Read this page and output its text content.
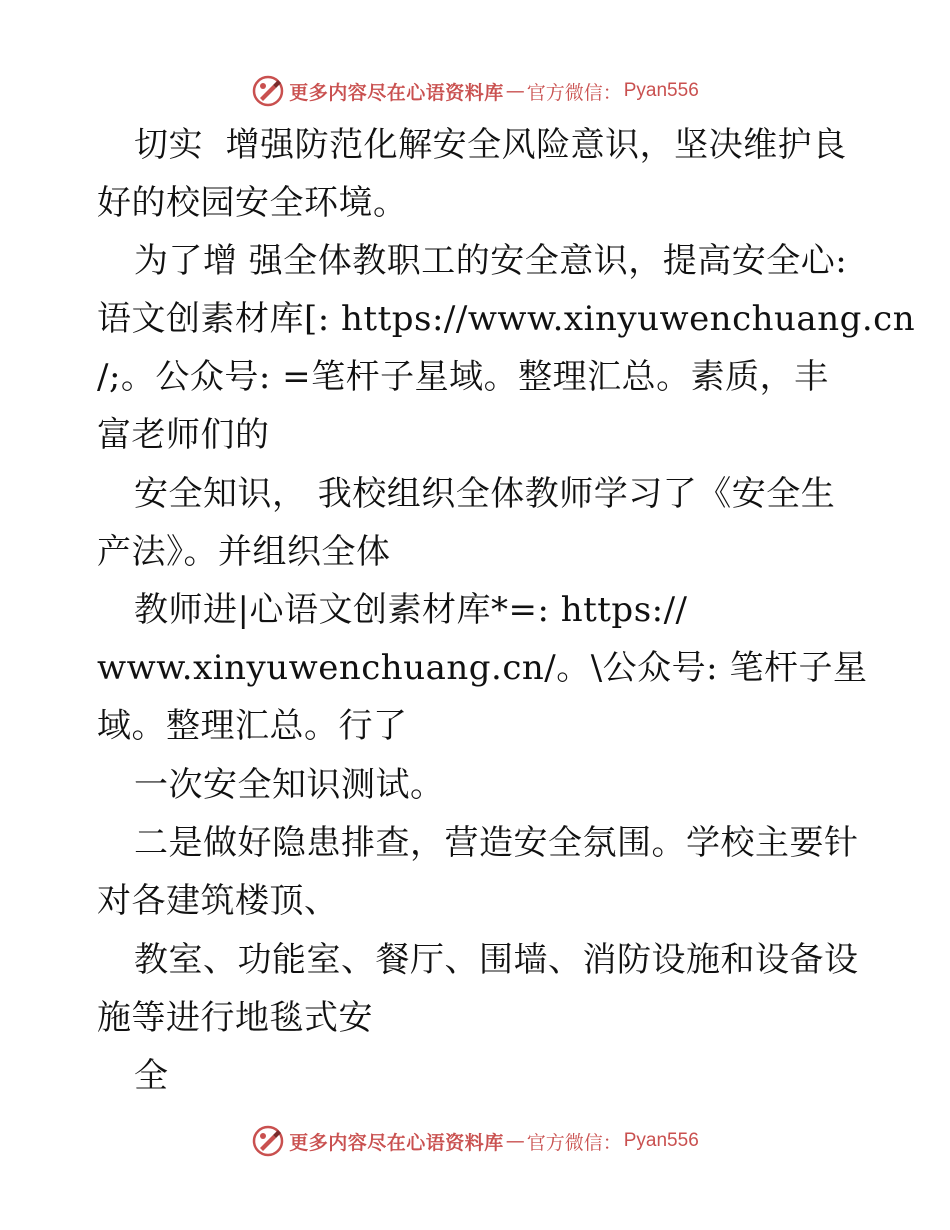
更多内容尽在心语资料库 — 官方微信： Pyan556
切实  增强防范化解安全风险意识，坚决维护良
好的校园安全环境。
为了增 强全体教职工的安全意识，提高安全心:
语文创素材库[: https://www.xinyuwenchuang.cn
/;。公众号: =笔杆子星域。整理汇总。素质，丰
富老师们的
安全知识， 我校组织全体教师学习了《安全生
产法》。并组织全体
教师进|心语文创素材库*=: https://
www.xinyuwenchuang.cn/。\公众号: 笔杆子星
域。整理汇总。行了
一次安全知识测试。
二是做好隐患排查，营造安全氛围。学校主要针
对各建筑楼顶、
教室、功能室、餐厅、围墙、消防设施和设备设
施等进行地毯式安
全
更多内容尽在心语资料库 — 官方微信： Pyan556
